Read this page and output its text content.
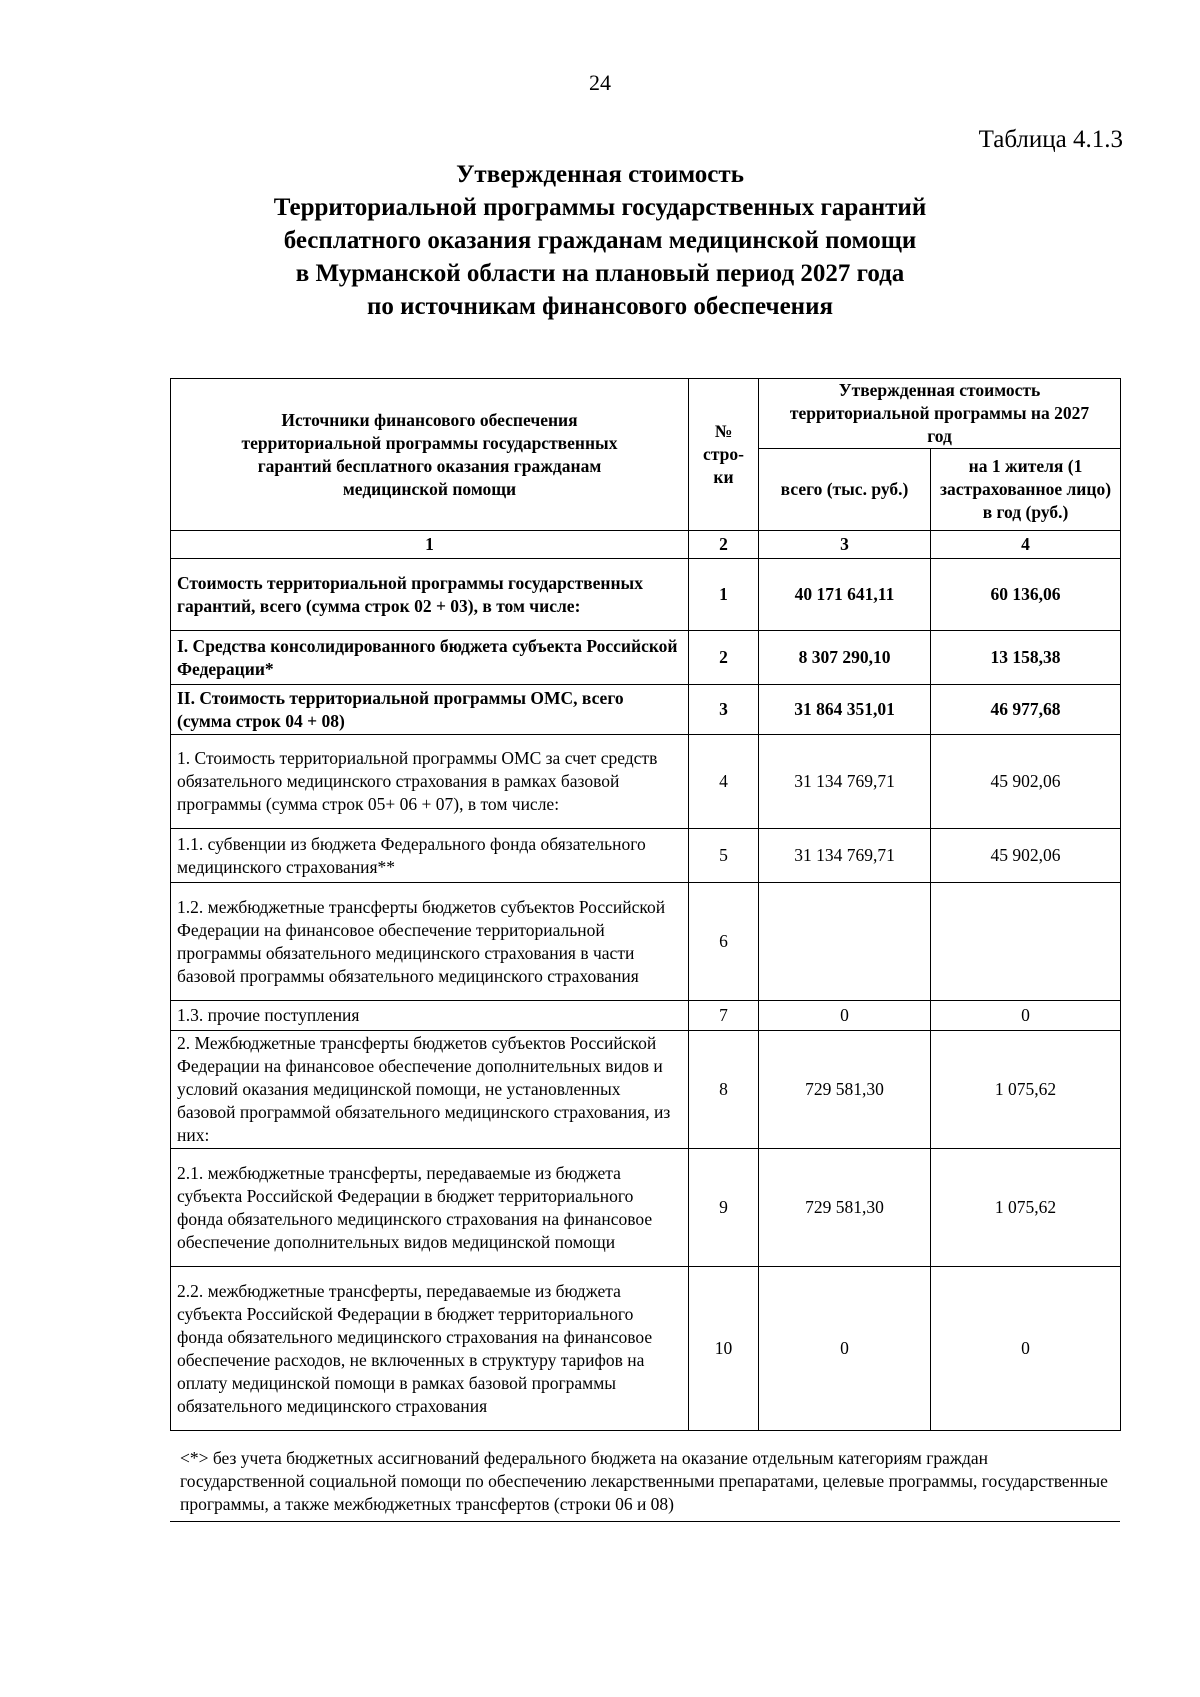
24
Таблица 4.1.3
Утвержденная стоимость
Территориальной программы государственных гарантий
бесплатного оказания гражданам медицинской помощи
в Мурманской области на плановый период 2027 года
по источникам финансового обеспечения
Источники финансового обеспечения территориальной программы государственных гарантий бесплатного оказания гражданам медицинской помощи	№ стро- ки	Утвержденная стоимость территориальной программы на 2027 год	
		всего (тыс. руб.)	на 1 жителя (1 застрахованное лицо) в год (руб.)
1	2	3	4
Стоимость территориальной программы государственных гарантий, всего (сумма строк 02 + 03), в том числе:	1	40 171 641,11	60 136,06
I. Средства консолидированного бюджета субъекта Российской Федерации*	2	8 307 290,10	13 158,38
II. Стоимость территориальной программы ОМС, всего (сумма строк 04 + 08)	3	31 864 351,01	46 977,68
1. Стоимость территориальной программы ОМС за счет средств обязательного медицинского страхования в рамках базовой программы (сумма строк 05+ 06 + 07), в том числе:	4	31 134 769,71	45 902,06
1.1. субвенции из бюджета Федерального фонда обязательного медицинского страхования**	5	31 134 769,71	45 902,06
1.2. межбюджетные трансферты бюджетов субъектов Российской Федерации на финансовое обеспечение территориальной программы обязательного медицинского страхования в части базовой программы обязательного медицинского страхования	6		
1.3. прочие поступления	7	0	0
2. Межбюджетные трансферты бюджетов субъектов Российской Федерации на финансовое обеспечение дополнительных видов и условий оказания медицинской помощи, не установленных базовой программой обязательного медицинского страхования, из них:	8	729 581,30	1 075,62
2.1. межбюджетные трансферты, передаваемые из бюджета субъекта Российской Федерации в бюджет территориального фонда обязательного медицинского страхования на финансовое обеспечение дополнительных видов медицинской помощи	9	729 581,30	1 075,62
2.2. межбюджетные трансферты, передаваемые из бюджета субъекта Российской Федерации в бюджет территориального фонда обязательного медицинского страхования на финансовое обеспечение расходов, не включенных в структуру тарифов на оплату медицинской помощи в рамках базовой программы обязательного медицинского страхования	10	0	0
<*> без учета бюджетных ассигнований федерального бюджета на оказание отдельным категориям граждан государственной социальной помощи по обеспечению лекарственными препаратами, целевые программы, государственные программы, а также межбюджетных трансфертов (строки 06 и 08)
